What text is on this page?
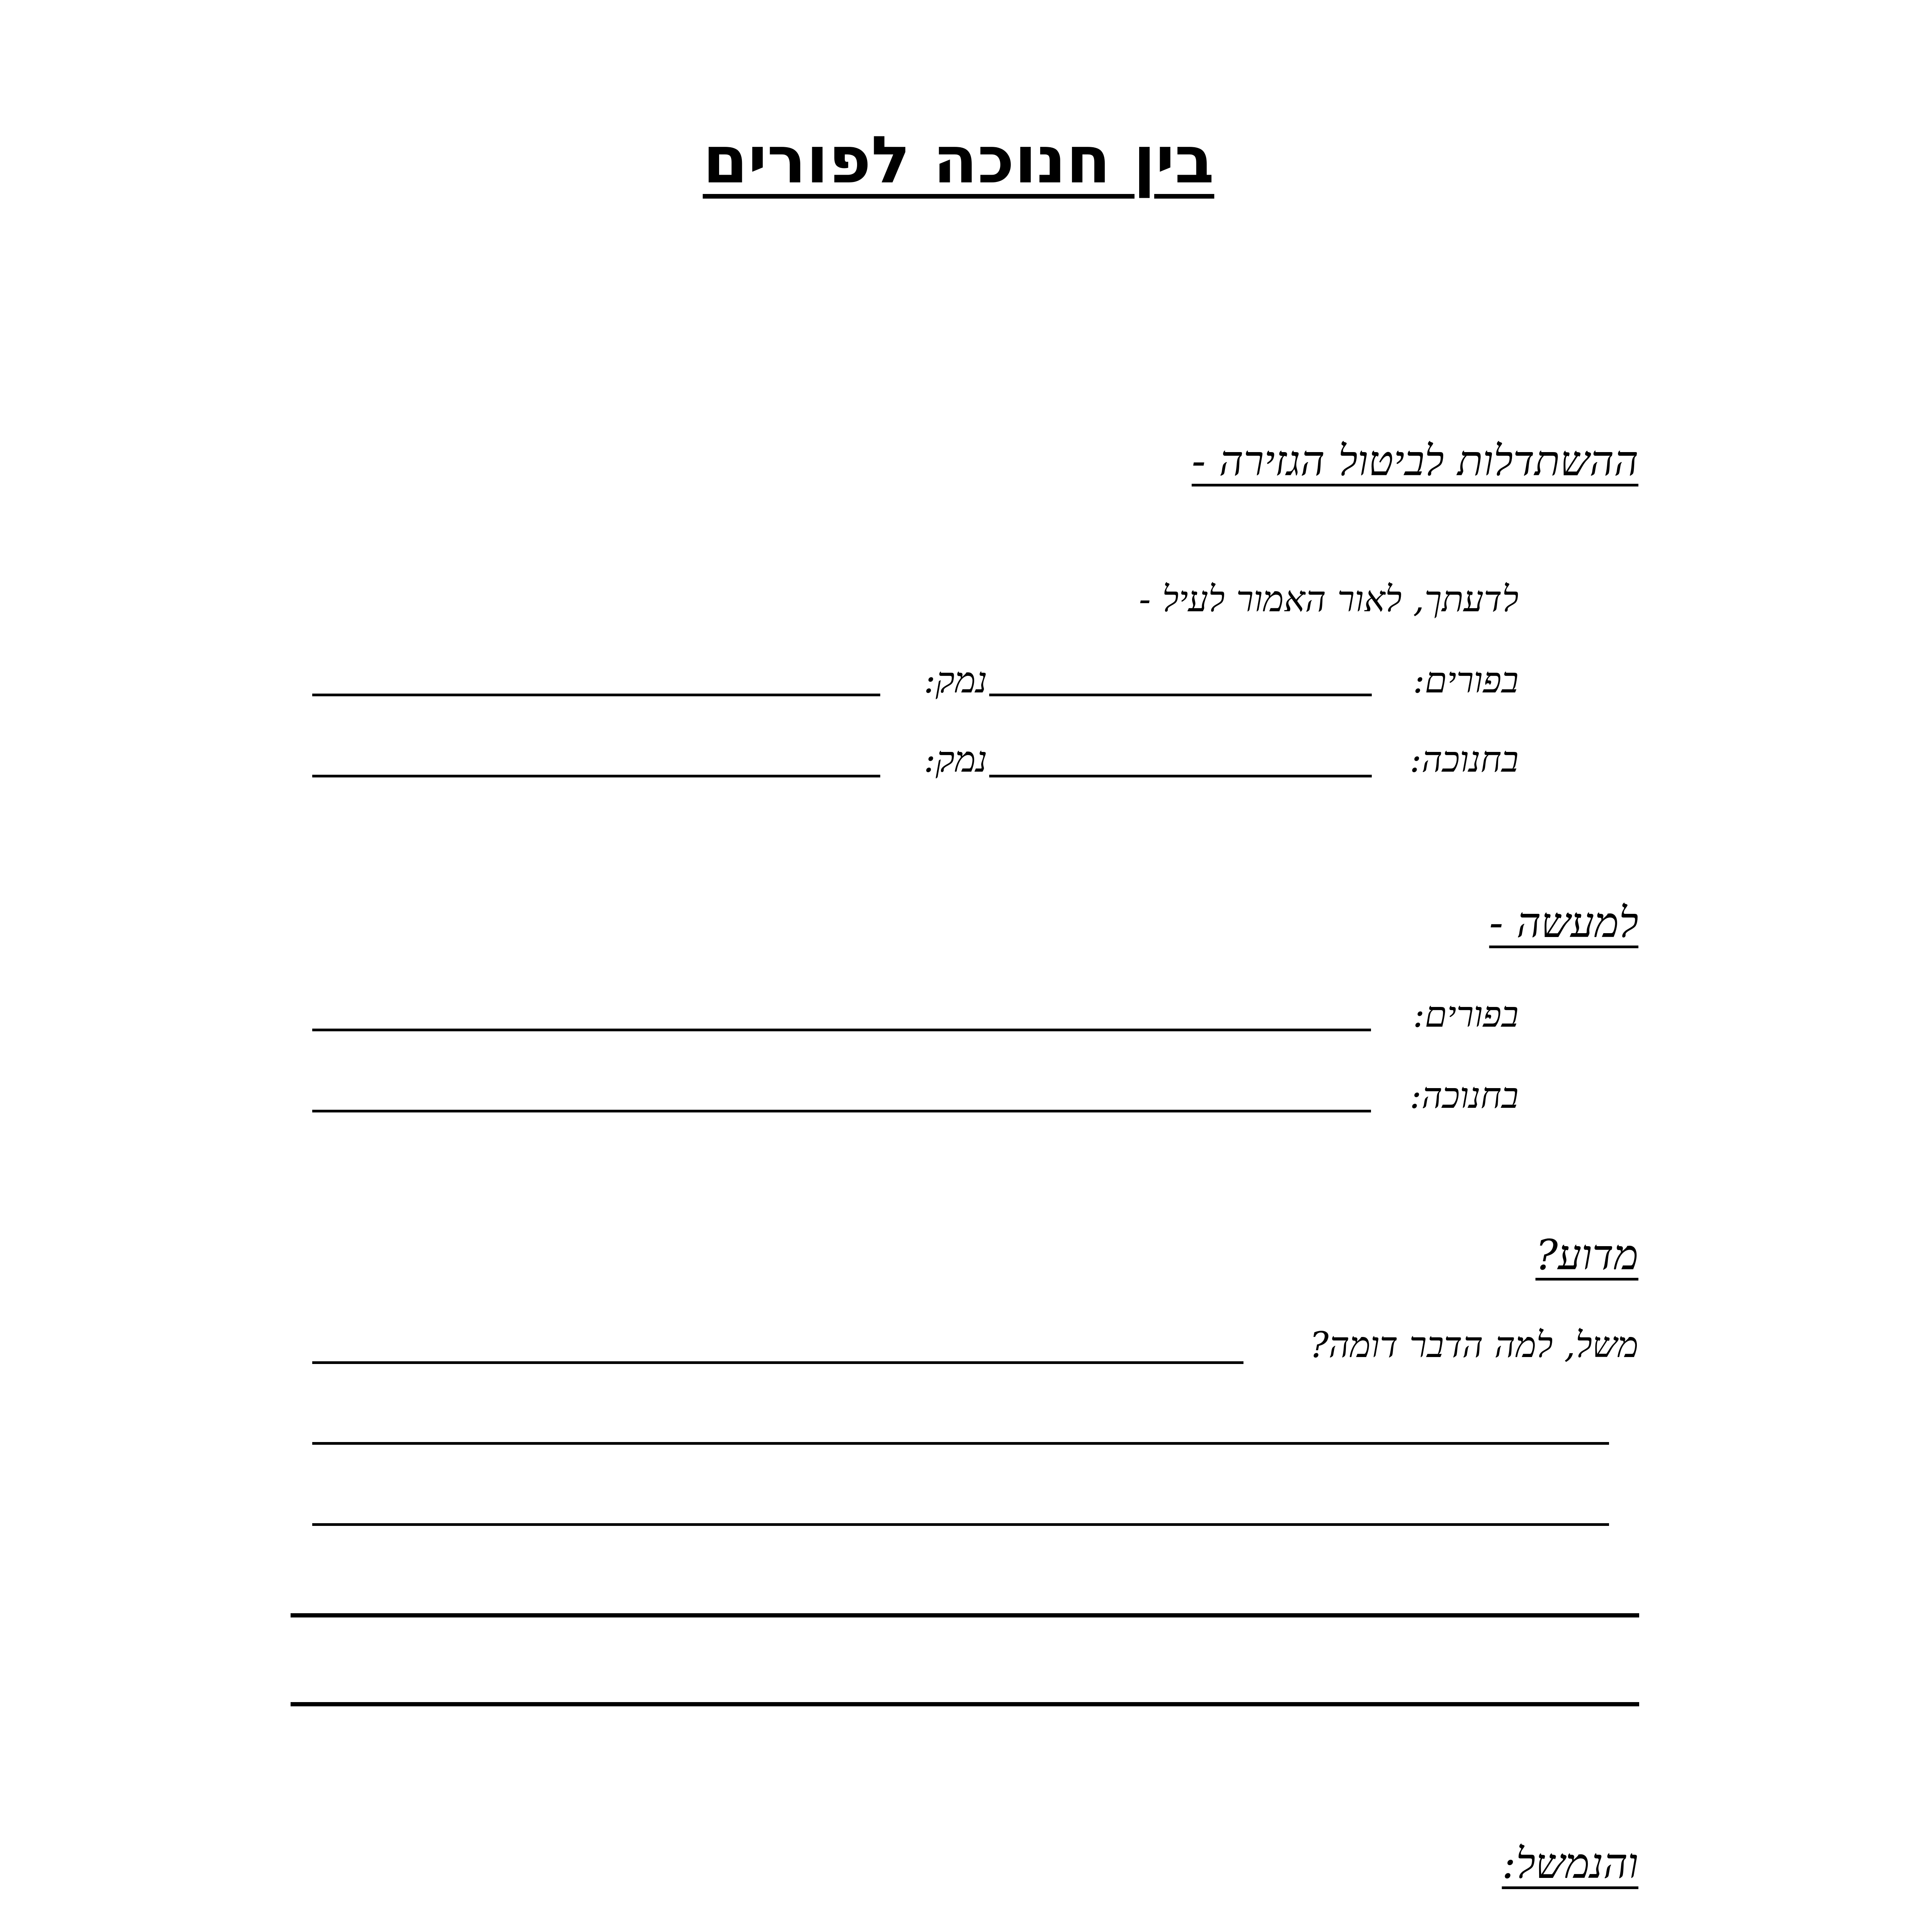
בין חנוכה לפורים
ההשתדלות לביטול הגזירה -
לדעתך, לאור האמור לעיל -
בפורים:
נמק:
בחנוכה:
נמק:
למעשה -
בפורים:
בחנוכה:
מדוע?
משל, למה הדבר דומה?
והנמשל:
